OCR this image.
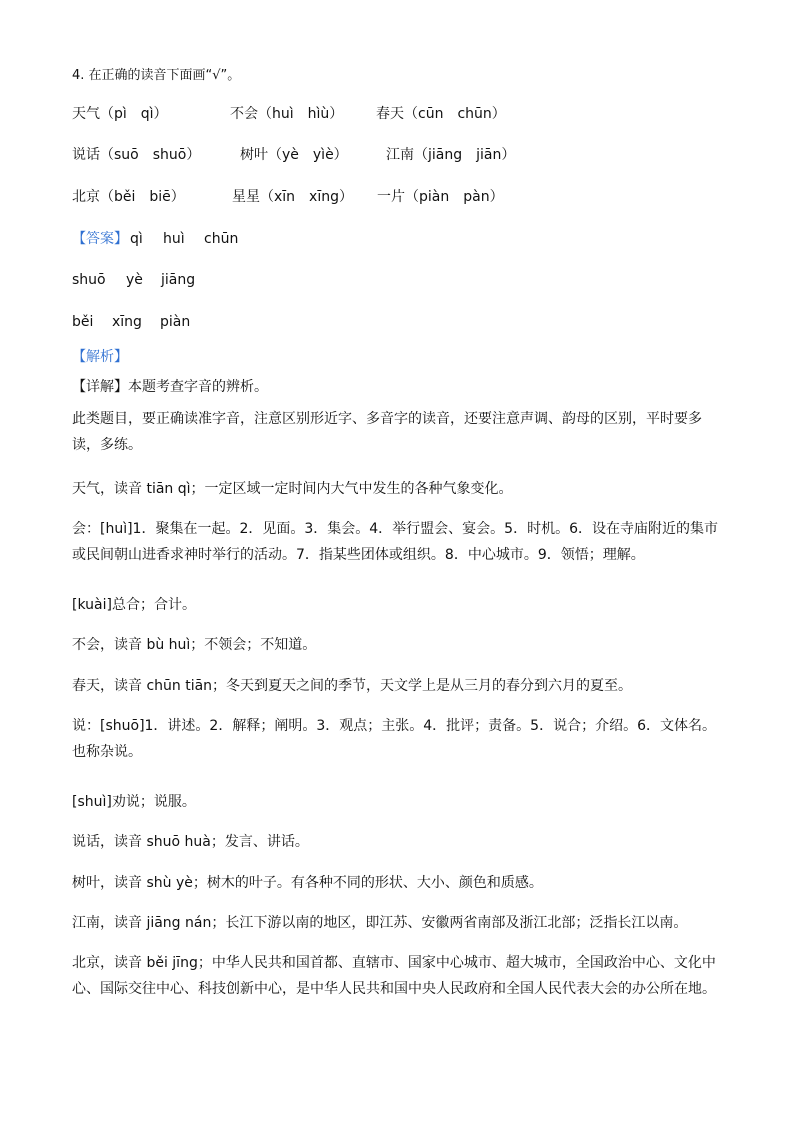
4. 在正确的读音下面画“√”。
天气（pì　qì）	不会（huì　hìù） 春天（cūn　chūn）
说话（suō　shuō）	树叶（yè　yìè）	江南（jiāng　jiān）
北京（běi　biē）	星星（xīn　xīng） 一片（piàn　pàn）
【答案】 qì huì chūn
shuō yè jiāng
běi xīng piàn
【解析】
【详解】本题考查字音的辨析。
此类题目，要正确读准字音，注意区别形近字、多音字的读音，还要注意声调、韵母的区别，平时要多读，多练。
天气，读音 tiān qì；一定区域一定时间内大气中发生的各种气象变化。
会：[huì]1．聚集在一起。2．见面。3．集会。4．举行盟会、宴会。5．时机。6．设在寺庙附近的集市或民间朝山进香求神时举行的活动。7．指某些团体或组织。8．中心城市。9．领悟；理解。
[kuài]总合；合计。
不会，读音 bù huì；不领会；不知道。
春天，读音 chūn tiān；冬天到夏天之间的季节，天文学上是从三月的春分到六月的夏至。
说：[shuō]1．讲述。2．解释；阐明。3．观点；主张。4．批评；责备。5．说合；介绍。6．文体名。也称杂说。
[shuì]劝说；说服。
说话，读音 shuō huà；发言、讲话。
树叶，读音 shù yè；树木的叶子。有各种不同的形状、大小、颜色和质感。
江南，读音 jiāng nán；长江下游以南的地区，即江苏、安徽两省南部及浙江北部；泛指长江以南。
北京，读音 běi jīng；中华人民共和国首都、直辖市、国家中心城市、超大城市，全国政治中心、文化中心、国际交往中心、科技创新中心，是中华人民共和国中央人民政府和全国人民代表大会的办公所在地。
